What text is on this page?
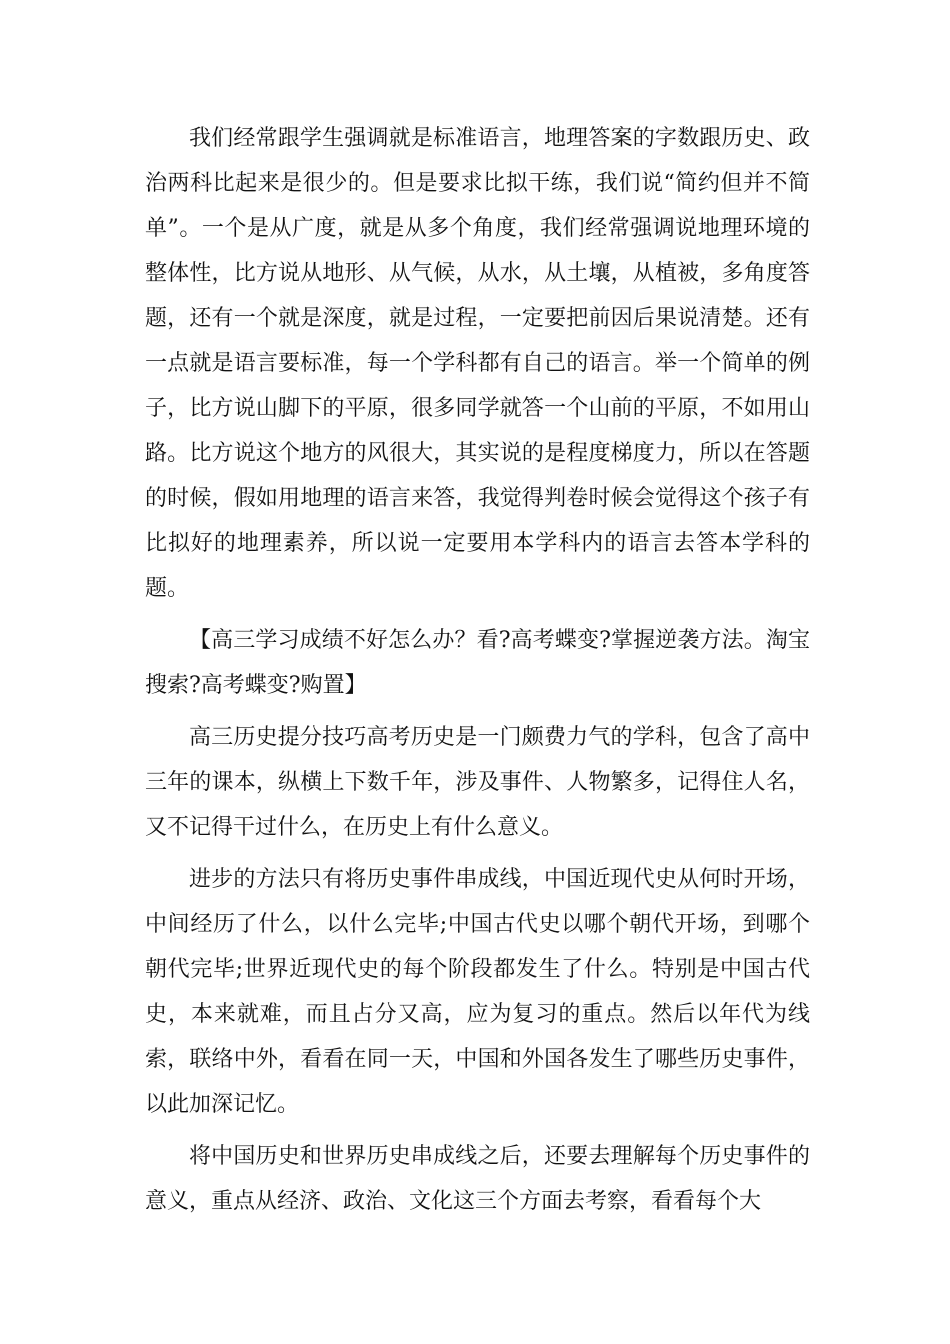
我们经常跟学生强调就是标准语言，地理答案的字数跟历史、政治两科比起来是很少的。但是要求比拟干练，我们说“简约但并不简单”。一个是从广度，就是从多个角度，我们经常强调说地理环境的整体性，比方说从地形、从气候，从水，从土壤，从植被，多角度答题，还有一个就是深度，就是过程，一定要把前因后果说清楚。还有一点就是语言要标准，每一个学科都有自己的语言。举一个简单的例子，比方说山脚下的平原，很多同学就答一个山前的平原，不如用山路。比方说这个地方的风很大，其实说的是程度梯度力，所以在答题的时候，假如用地理的语言来答，我觉得判卷时候会觉得这个孩子有比拟好的地理素养，所以说一定要用本学科内的语言去答本学科的题。

【高三学习成绩不好怎么办？看?高考蝶变?掌握逆袭方法。淘宝搜索?高考蝶变?购置】

高三历史提分技巧高考历史是一门颇费力气的学科，包含了高中三年的课本，纵横上下数千年，涉及事件、人物繁多，记得住人名，又不记得干过什么，在历史上有什么意义。

进步的方法只有将历史事件串成线，中国近现代史从何时开场，中间经历了什么，以什么完毕;中国古代史以哪个朝代开场，到哪个朝代完毕;世界近现代史的每个阶段都发生了什么。特别是中国古代史，本来就难，而且占分又高，应为复习的重点。然后以年代为线索，联络中外，看看在同一天，中国和外国各发生了哪些历史事件，以此加深记忆。

将中国历史和世界历史串成线之后，还要去理解每个历史事件的意义，重点从经济、政治、文化这三个方面去考察，看看每个大
